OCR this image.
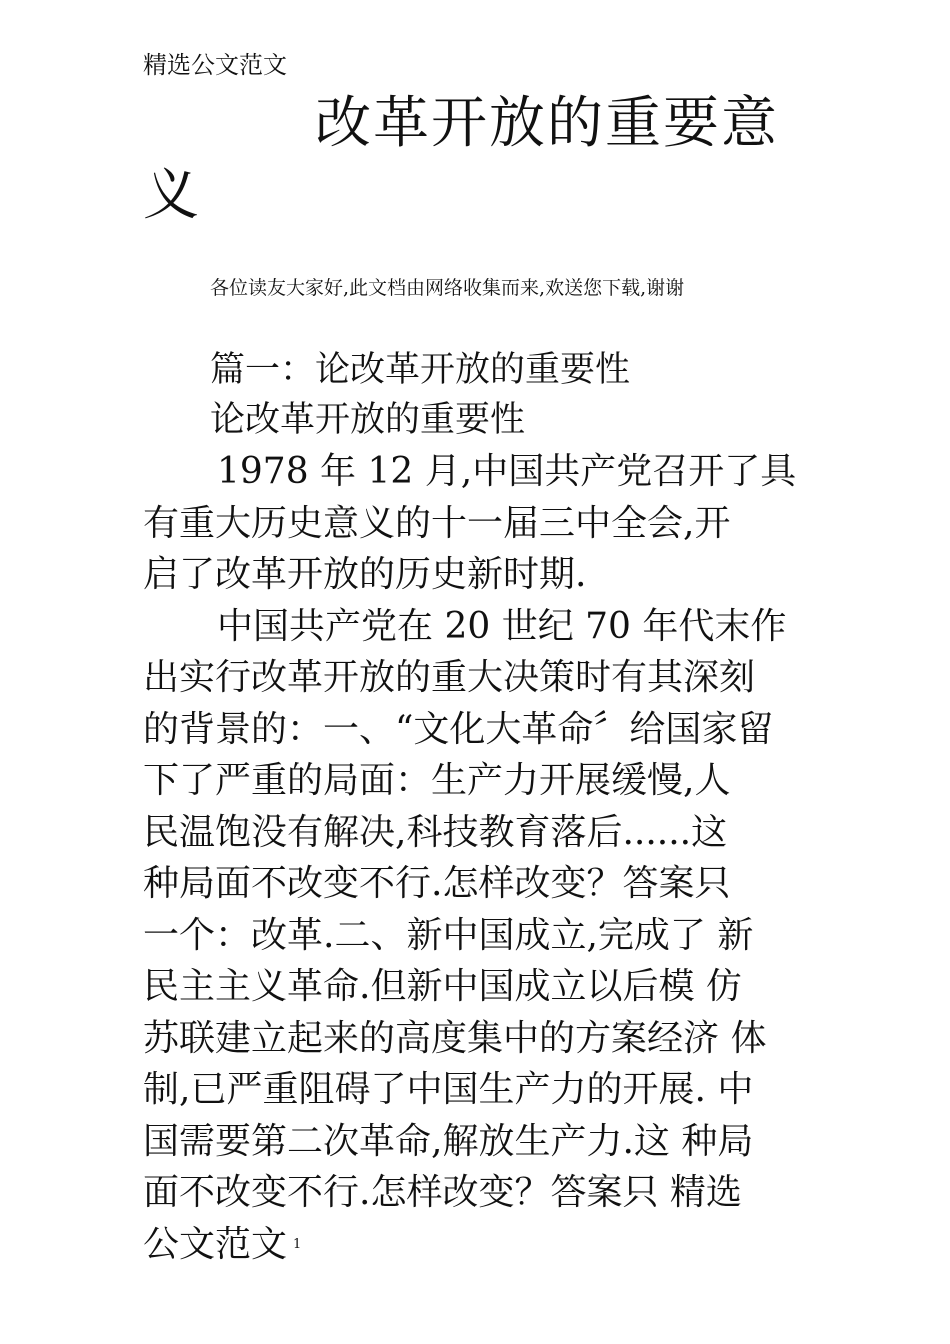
精选公文范文
改革开放的重要意义
各位读友大家好,此文档由网络收集而来,欢送您下载,谢谢
篇一：论改革开放的重要性
论改革开放的重要性
1978 年 12 月,中国共产党召开了具
有重大历史意义的十一届三中全会,开
启了改革开放的历史新时期.
中国共产党在 20 世纪 70 年代末作
出实行改革开放的重大决策时有其深刻
的背景的：一、“文化大革命〞给国家留
下了严重的局面：生产力开展缓慢,人
民温饱没有解决,科技教育落后......这
种局面不改变不行.怎样改变？答案只
一个：改革.二、新中国成立,完成了 新
民主主义革命.但新中国成立以后模 仿
苏联建立起来的高度集中的方案经济 体
制,已严重阻碍了中国生产力的开展. 中
国需要第二次革命,解放生产力.这 种局
面不改变不行.怎样改变？答案只 精选
公文范文 1
